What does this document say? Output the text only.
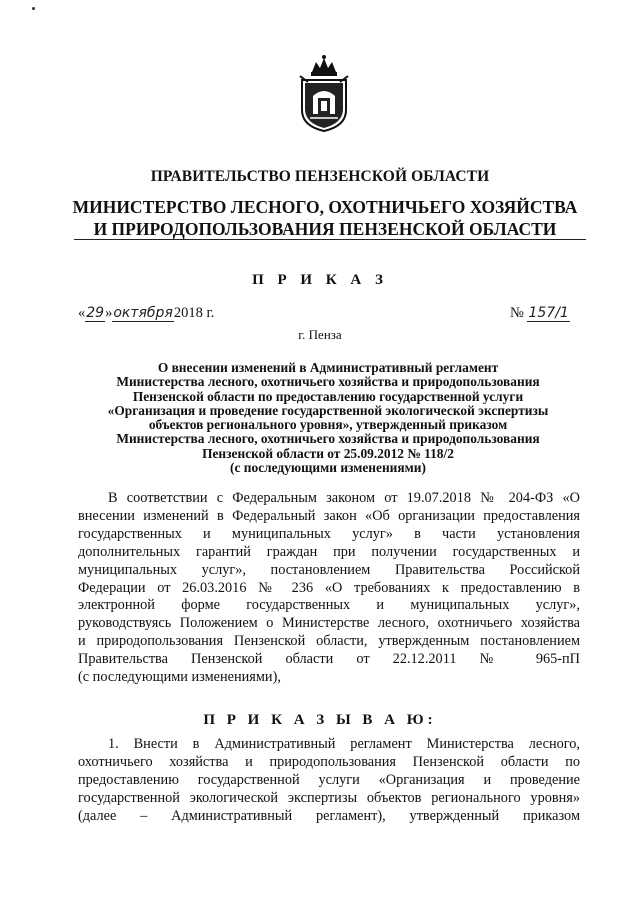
ПРАВИТЕЛЬСТВО ПЕНЗЕНСКОЙ ОБЛАСТИ
МИНИСТЕРСТВО ЛЕСНОГО, ОХОТНИЧЬЕГО ХОЗЯЙСТВА
И ПРИРОДОПОЛЬЗОВАНИЯ ПЕНЗЕНСКОЙ ОБЛАСТИ
П Р И К А З
«29»октября2018 г.	№ 157/1
г. Пенза
О внесении изменений в Административный регламент
Министерства лесного, охотничьего хозяйства и природопользования
Пензенской области по предоставлению государственной услуги
«Организация и проведение государственной экологической экспертизы
объектов регионального уровня», утвержденный приказом
Министерства лесного, охотничьего хозяйства и природопользования
Пензенской области от 25.09.2012 № 118/2
(с последующими изменениями)
В соответствии с Федеральным законом от 19.07.2018 № 204-ФЗ «О
внесении изменений в Федеральный закон «Об организации предоставления
государственных и муниципальных услуг» в части установления
дополнительных гарантий граждан при получении государственных и
муниципальных услуг», постановлением Правительства Российской
Федерации от 26.03.2016 № 236 «О требованиях к предоставлению в
электронной форме государственных и муниципальных услуг»,
руководствуясь Положением о Министерстве лесного, охотничьего хозяйства
и природопользования Пензенской области, утвержденным постановлением
Правительства Пензенской области от 22.12.2011 № 965-пП
(с последующими изменениями),
П Р И К А З Ы В А Ю:
1. Внести в Административный регламент Министерства лесного,
охотничьего хозяйства и природопользования Пензенской области по
предоставлению государственной услуги «Организация и проведение
государственной экологической экспертизы объектов регионального уровня»
(далее – Административный регламент), утвержденный приказом
